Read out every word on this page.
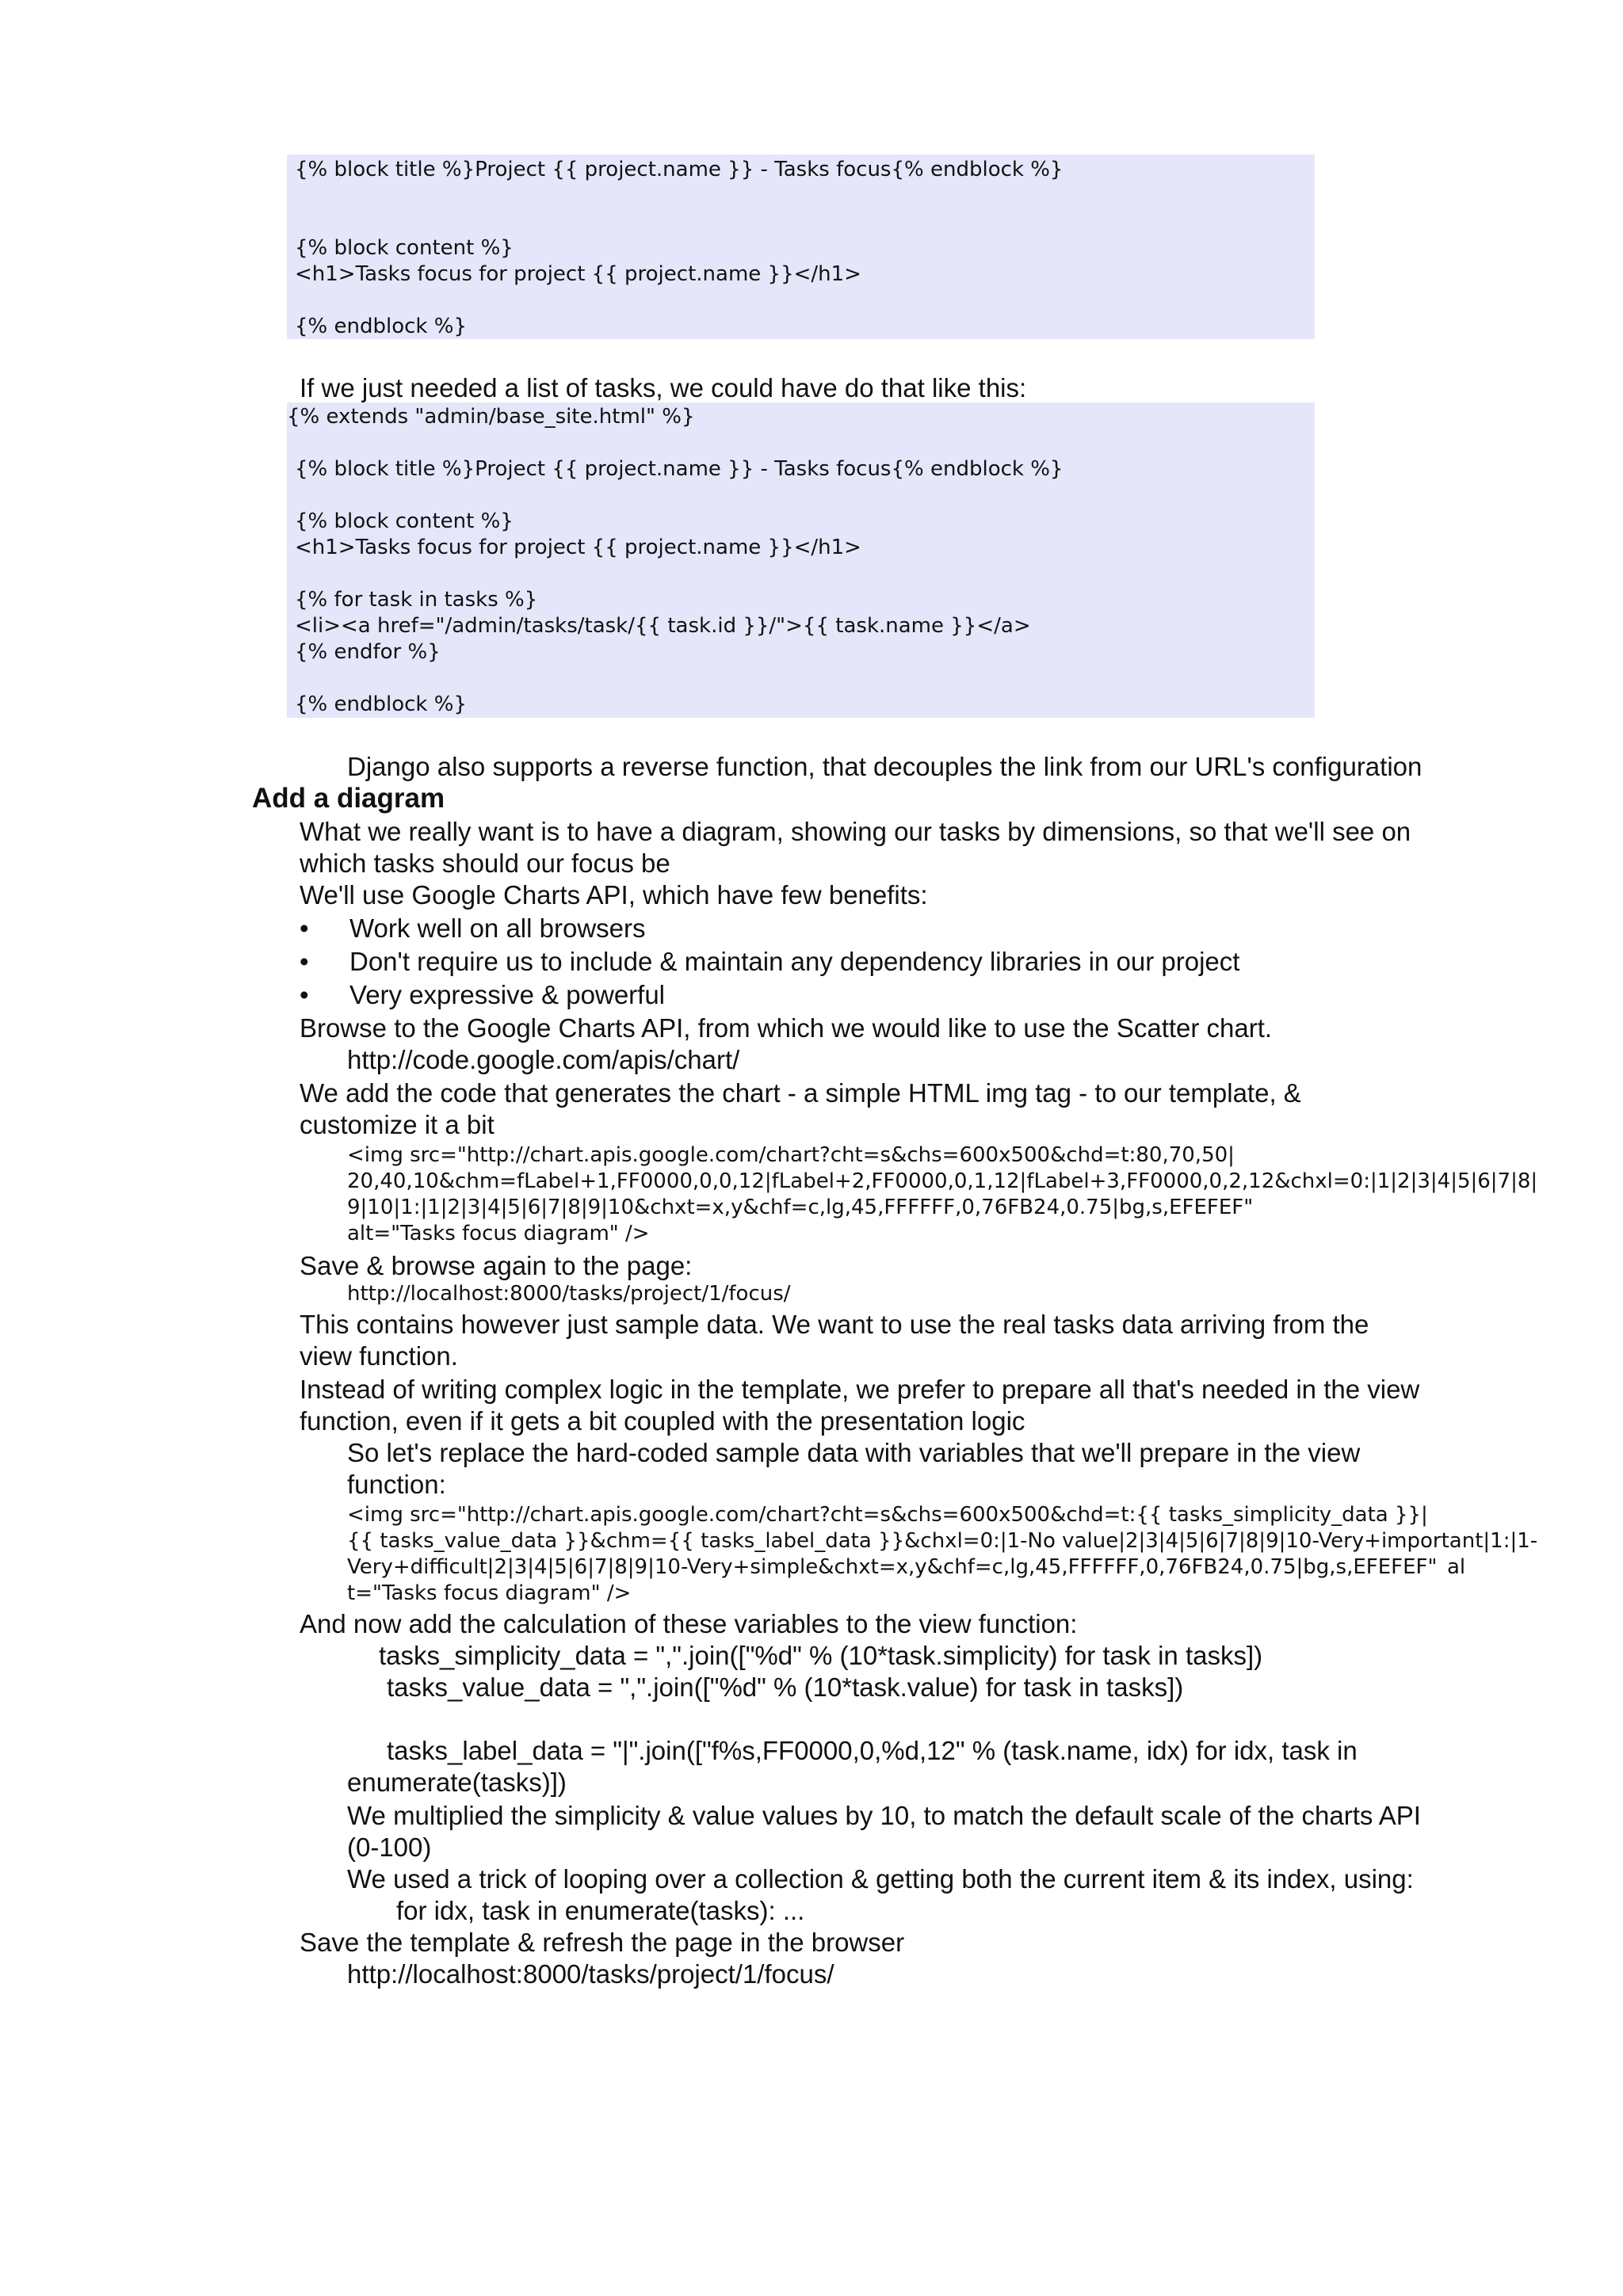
{% block title %}Project {{ project.name }} - Tasks focus{% endblock %}
{% block content %}
<h1>Tasks focus for project {{ project.name }}</h1>
{% endblock %}
If we just needed a list of tasks, we could have do that like this:
{% extends "admin/base_site.html" %}
{% block title %}Project {{ project.name }} - Tasks focus{% endblock %}
{% block content %}
<h1>Tasks focus for project {{ project.name }}</h1>
{% for task in tasks %}
<li><a href="/admin/tasks/task/{{ task.id }}/">{{ task.name }}</a>
{% endfor %}
{% endblock %}
Django also supports a reverse function, that decouples the link from our URL's configuration
Add a diagram
What we really want is to have a diagram, showing our tasks by dimensions, so that we'll see on
which tasks should our focus be
We'll use Google Charts API, which have few benefits:
• Work well on all browsers
• Don't require us to include & maintain any dependency libraries in our project
• Very expressive & powerful
Browse to the Google Charts API, from which we would like to use the Scatter chart.
http://code.google.com/apis/chart/
We add the code that generates the chart - a simple HTML img tag - to our template, &
customize it a bit
<img src="http://chart.apis.google.com/chart?cht=s&chs=600x500&chd=t:80,70,50|
20,40,10&chm=fLabel+1,FF0000,0,0,12|fLabel+2,FF0000,0,1,12|fLabel+3,FF0000,0,2,12&chxl=0:|1|2|3|4|5|6|7|8|
9|10|1:|1|2|3|4|5|6|7|8|9|10&chxt=x,y&chf=c,lg,45,FFFFFF,0,76FB24,0.75|bg,s,EFEFEF"
alt="Tasks focus diagram" />
Save & browse again to the page:
http://localhost:8000/tasks/project/1/focus/
This contains however just sample data. We want to use the real tasks data arriving from the
view function.
Instead of writing complex logic in the template, we prefer to prepare all that's needed in the view
function, even if it gets a bit coupled with the presentation logic
So let's replace the hard-coded sample data with variables that we'll prepare in the view
function:
<img src="http://chart.apis.google.com/chart?cht=s&chs=600x500&chd=t:{{ tasks_simplicity_data }}|
{{ tasks_value_data }}&chm={{ tasks_label_data }}&chxl=0:|1-No value|2|3|4|5|6|7|8|9|10-Very+important|1:|1-
Very+difficult|2|3|4|5|6|7|8|9|10-Very+simple&chxt=x,y&chf=c,lg,45,FFFFFF,0,76FB24,0.75|bg,s,EFEFEF" al
t="Tasks focus diagram" />
And now add the calculation of these variables to the view function:
tasks_simplicity_data = ",".join(["%d" % (10*task.simplicity) for task in tasks])
tasks_value_data = ",".join(["%d" % (10*task.value) for task in tasks])
tasks_label_data = "|".join(["f%s,FF0000,0,%d,12" % (task.name, idx) for idx, task in
enumerate(tasks)])
We multiplied the simplicity & value values by 10, to match the default scale of the charts API
(0-100)
We used a trick of looping over a collection & getting both the current item & its index, using:
for idx, task in enumerate(tasks): ...
Save the template & refresh the page in the browser
http://localhost:8000/tasks/project/1/focus/
